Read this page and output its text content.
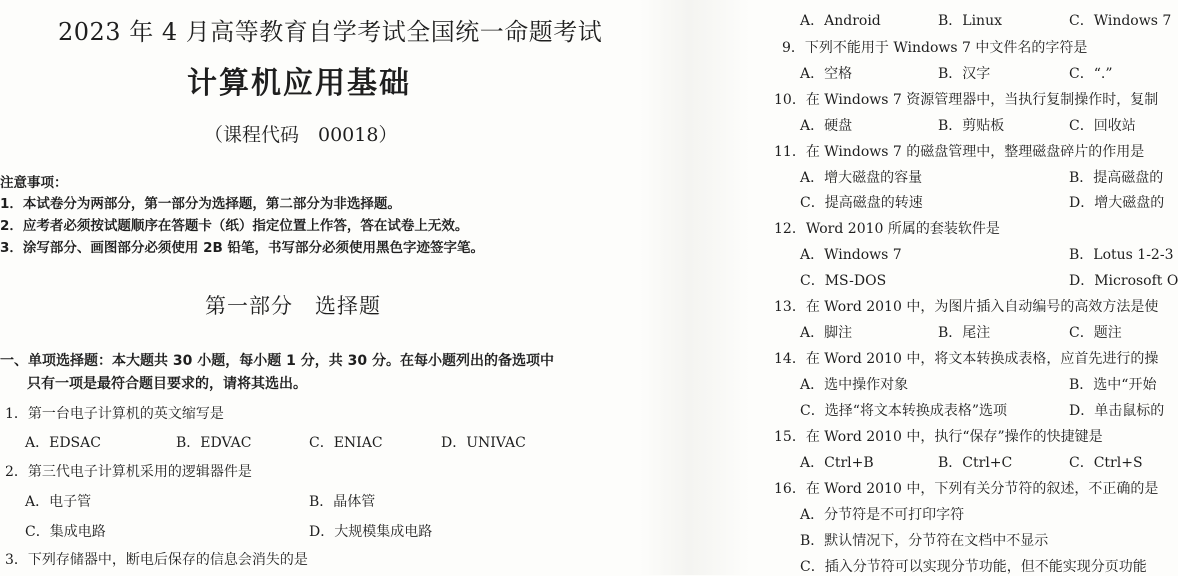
2023 年 4 月高等教育自学考试全国统一命题考试
计算机应用基础
（课程代码　00018）
注意事项：
1．本试卷分为两部分，第一部分为选择题，第二部分为非选择题。
2．应考者必须按试题顺序在答题卡（纸）指定位置上作答，答在试卷上无效。
3．涂写部分、画图部分必须使用 2B 铅笔，书写部分必须使用黑色字迹签字笔。
第一部分　选择题
一、单项选择题：本大题共 30 小题，每小题 1 分，共 30 分。在每小题列出的备选项中
只有一项是最符合题目要求的，请将其选出。
1．第一台电子计算机的英文缩写是
A．EDSAC	B．EDVAC	C．ENIAC	D．UNIVAC
2．第三代电子计算机采用的逻辑器件是
A．电子管	B．晶体管
C．集成电路	D．大规模集成电路
3．下列存储器中，断电后保存的信息会消失的是
A．Android	B．Linux	C．Windows 7
9．下列不能用于 Windows 7 中文件名的字符是
A．空格	B．汉字	C．“.”
10．在 Windows 7 资源管理器中，当执行复制操作时，复制
A．硬盘	B．剪贴板	C．回收站
11．在 Windows 7 的磁盘管理中，整理磁盘碎片的作用是
A．增大磁盘的容量	B．提高磁盘的
C．提高磁盘的转速	D．增大磁盘的
12．Word 2010 所属的套装软件是
A．Windows 7	B．Lotus 1-2-3
C．MS-DOS	D．Microsoft O
13．在 Word 2010 中，为图片插入自动编号的高效方法是使
A．脚注	B．尾注	C．题注
14．在 Word 2010 中，将文本转换成表格，应首先进行的操
A．选中操作对象	B．选中“开始
C．选择“将文本转换成表格”选项	D．单击鼠标的
15．在 Word 2010 中，执行“保存”操作的快捷键是
A．Ctrl+B	B．Ctrl+C	C．Ctrl+S
16．在 Word 2010 中，下列有关分节符的叙述，不正确的是
A．分节符是不可打印字符
B．默认情况下，分节符在文档中不显示
C．插入分节符可以实现分节功能，但不能实现分页功能
